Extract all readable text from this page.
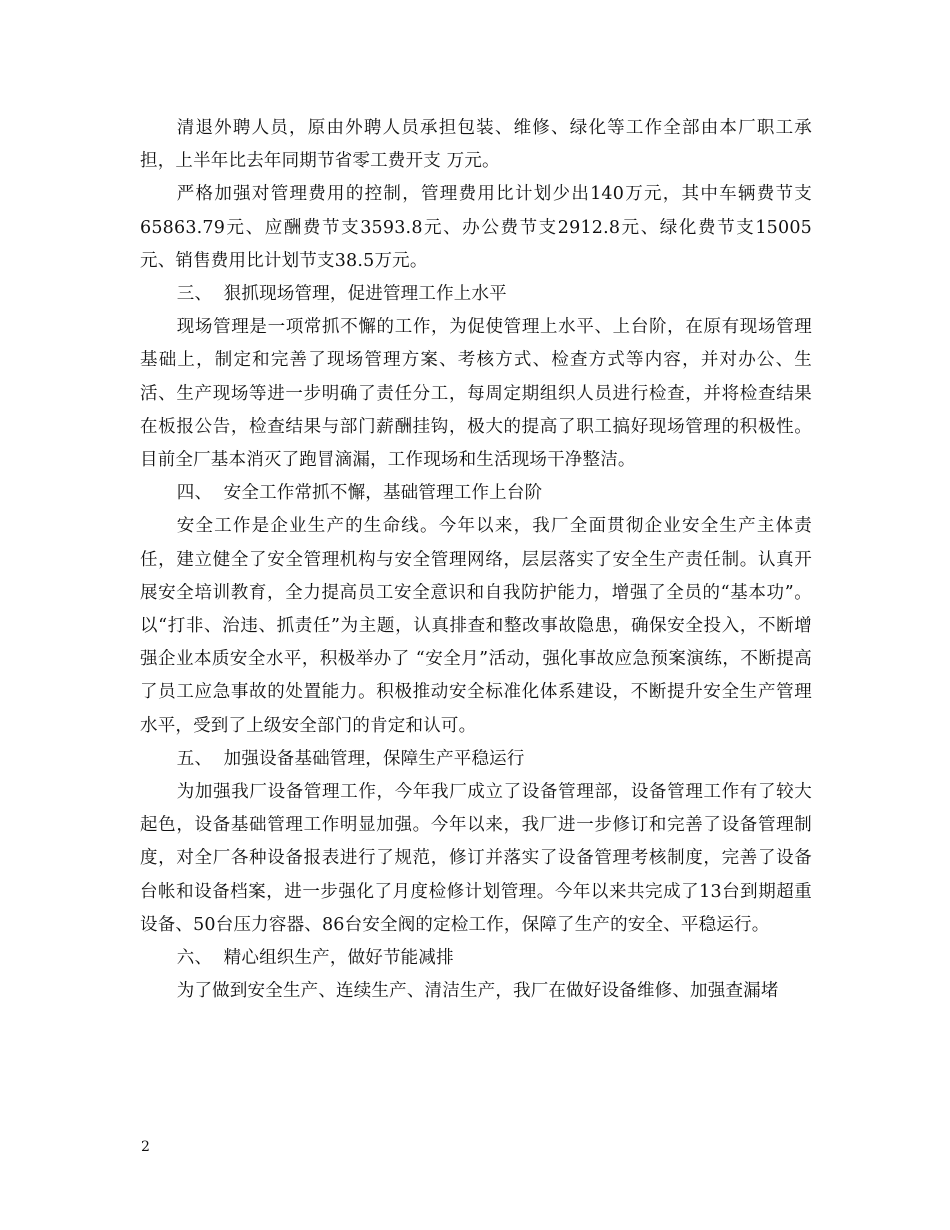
清退外聘人员，原由外聘人员承担包装、维修、绿化等工作全部由本厂职工承担，上半年比去年同期节省零工费开支 万元。

严格加强对管理费用的控制，管理费用比计划少出140万元，其中车辆费节支65863.79元、应酬费节支3593.8元、办公费节支2912.8元、绿化费节支15005元、销售费用比计划节支38.5万元。

三、  狠抓现场管理，促进管理工作上水平

现场管理是一项常抓不懈的工作，为促使管理上水平、上台阶，在原有现场管理基础上，制定和完善了现场管理方案、考核方式、检查方式等内容，并对办公、生活、生产现场等进一步明确了责任分工，每周定期组织人员进行检查，并将检查结果在板报公告，检查结果与部门薪酬挂钩，极大的提高了职工搞好现场管理的积极性。目前全厂基本消灭了跑冒滴漏，工作现场和生活现场干净整洁。

四、  安全工作常抓不懈，基础管理工作上台阶

安全工作是企业生产的生命线。今年以来，我厂全面贯彻企业安全生产主体责任，建立健全了安全管理机构与安全管理网络，层层落实了安全生产责任制。认真开展安全培训教育，全力提高员工安全意识和自我防护能力，增强了全员的“基本功”。 以“打非、治违、抓责任”为主题，认真排查和整改事故隐患，确保安全投入，不断增强企业本质安全水平，积极举办了 “安全月”活动，强化事故应急预案演练，不断提高了员工应急事故的处置能力。积极推动安全标准化体系建设，不断提升安全生产管理水平，受到了上级安全部门的肯定和认可。

五、  加强设备基础管理，保障生产平稳运行

为加强我厂设备管理工作，今年我厂成立了设备管理部，设备管理工作有了较大起色，设备基础管理工作明显加强。今年以来，我厂进一步修订和完善了设备管理制度，对全厂各种设备报表进行了规范，修订并落实了设备管理考核制度，完善了设备台帐和设备档案，进一步强化了月度检修计划管理。今年以来共完成了13台到期超重设备、50台压力容器、86台安全阀的定检工作，保障了生产的安全、平稳运行。

六、  精心组织生产，做好节能减排

为了做到安全生产、连续生产、清洁生产，我厂在做好设备维修、加强查漏堵

2
